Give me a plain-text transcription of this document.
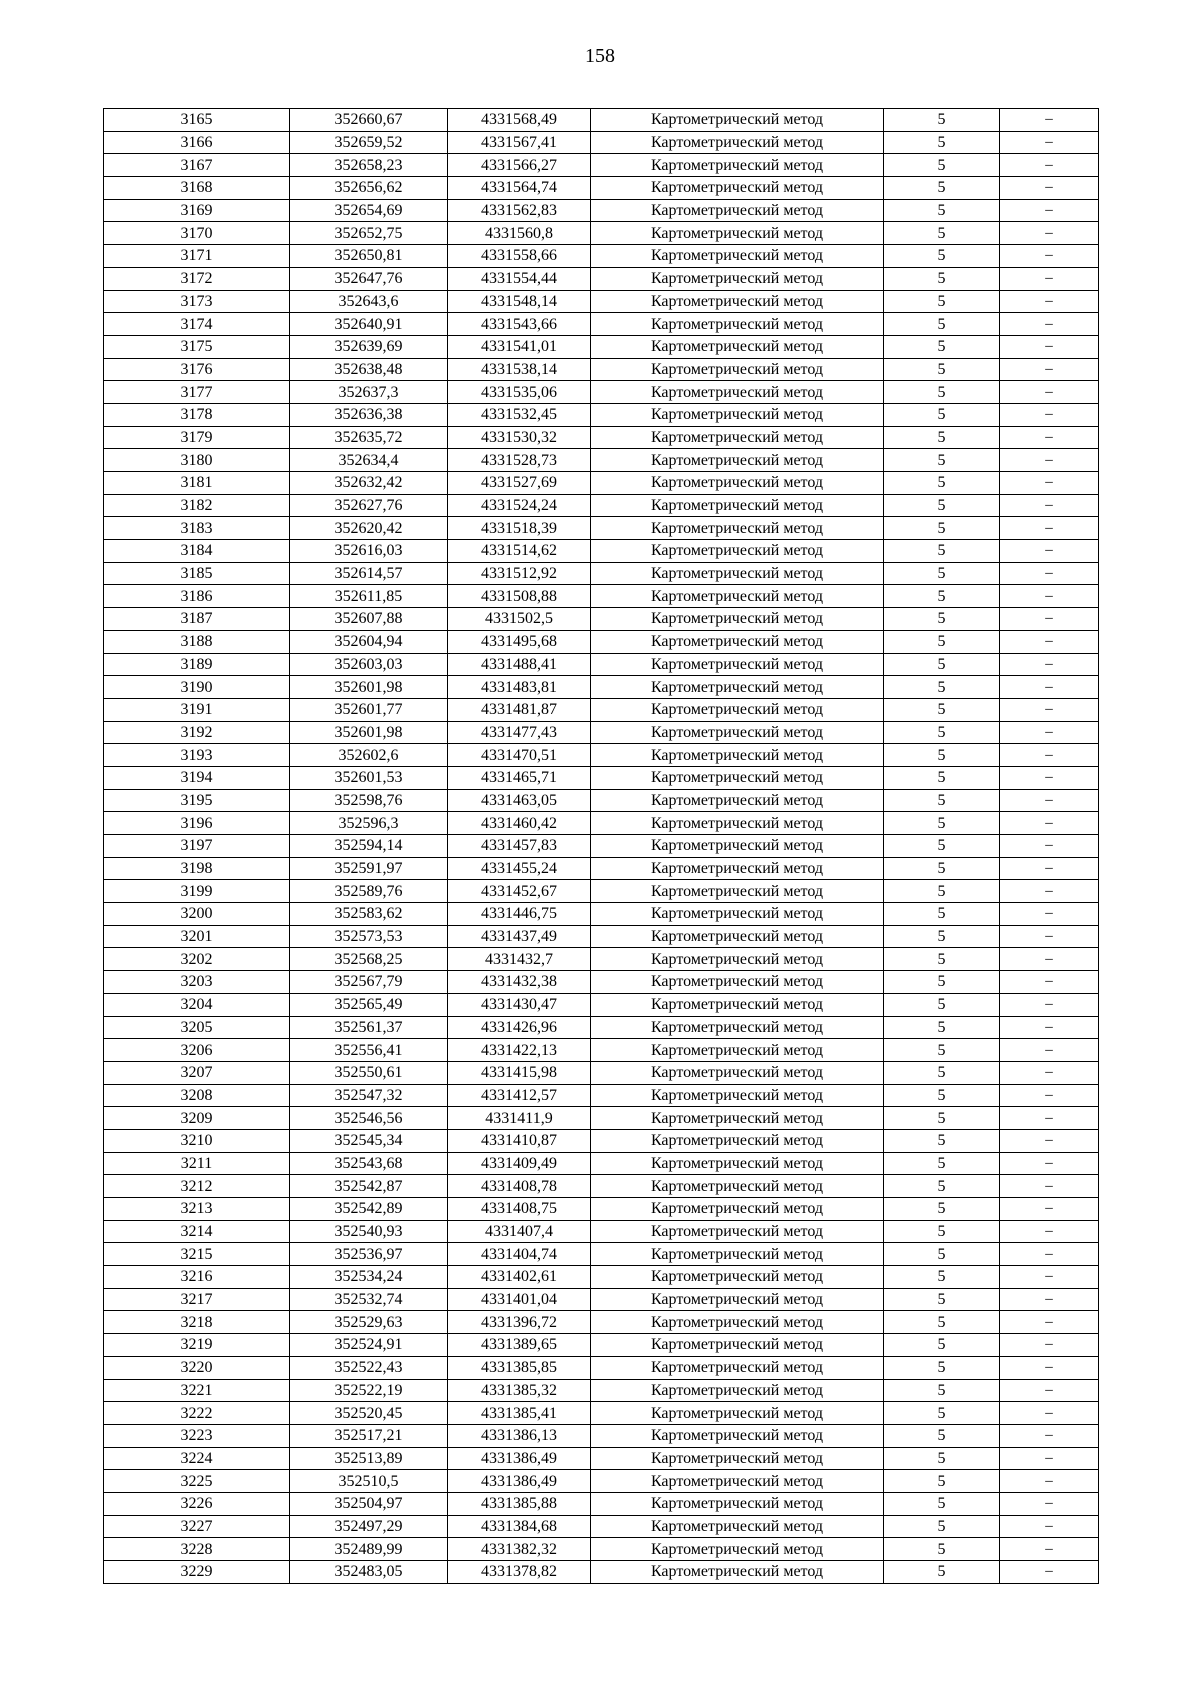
158
3165	352660,67	4331568,49	Картометрический метод	5	–
3166	352659,52	4331567,41	Картометрический метод	5	–
3167	352658,23	4331566,27	Картометрический метод	5	–
3168	352656,62	4331564,74	Картометрический метод	5	–
3169	352654,69	4331562,83	Картометрический метод	5	–
3170	352652,75	4331560,8	Картометрический метод	5	–
3171	352650,81	4331558,66	Картометрический метод	5	–
3172	352647,76	4331554,44	Картометрический метод	5	–
3173	352643,6	4331548,14	Картометрический метод	5	–
3174	352640,91	4331543,66	Картометрический метод	5	–
3175	352639,69	4331541,01	Картометрический метод	5	–
3176	352638,48	4331538,14	Картометрический метод	5	–
3177	352637,3	4331535,06	Картометрический метод	5	–
3178	352636,38	4331532,45	Картометрический метод	5	–
3179	352635,72	4331530,32	Картометрический метод	5	–
3180	352634,4	4331528,73	Картометрический метод	5	–
3181	352632,42	4331527,69	Картометрический метод	5	–
3182	352627,76	4331524,24	Картометрический метод	5	–
3183	352620,42	4331518,39	Картометрический метод	5	–
3184	352616,03	4331514,62	Картометрический метод	5	–
3185	352614,57	4331512,92	Картометрический метод	5	–
3186	352611,85	4331508,88	Картометрический метод	5	–
3187	352607,88	4331502,5	Картометрический метод	5	–
3188	352604,94	4331495,68	Картометрический метод	5	–
3189	352603,03	4331488,41	Картометрический метод	5	–
3190	352601,98	4331483,81	Картометрический метод	5	–
3191	352601,77	4331481,87	Картометрический метод	5	–
3192	352601,98	4331477,43	Картометрический метод	5	–
3193	352602,6	4331470,51	Картометрический метод	5	–
3194	352601,53	4331465,71	Картометрический метод	5	–
3195	352598,76	4331463,05	Картометрический метод	5	–
3196	352596,3	4331460,42	Картометрический метод	5	–
3197	352594,14	4331457,83	Картометрический метод	5	–
3198	352591,97	4331455,24	Картометрический метод	5	–
3199	352589,76	4331452,67	Картометрический метод	5	–
3200	352583,62	4331446,75	Картометрический метод	5	–
3201	352573,53	4331437,49	Картометрический метод	5	–
3202	352568,25	4331432,7	Картометрический метод	5	–
3203	352567,79	4331432,38	Картометрический метод	5	–
3204	352565,49	4331430,47	Картометрический метод	5	–
3205	352561,37	4331426,96	Картометрический метод	5	–
3206	352556,41	4331422,13	Картометрический метод	5	–
3207	352550,61	4331415,98	Картометрический метод	5	–
3208	352547,32	4331412,57	Картометрический метод	5	–
3209	352546,56	4331411,9	Картометрический метод	5	–
3210	352545,34	4331410,87	Картометрический метод	5	–
3211	352543,68	4331409,49	Картометрический метод	5	–
3212	352542,87	4331408,78	Картометрический метод	5	–
3213	352542,89	4331408,75	Картометрический метод	5	–
3214	352540,93	4331407,4	Картометрический метод	5	–
3215	352536,97	4331404,74	Картометрический метод	5	–
3216	352534,24	4331402,61	Картометрический метод	5	–
3217	352532,74	4331401,04	Картометрический метод	5	–
3218	352529,63	4331396,72	Картометрический метод	5	–
3219	352524,91	4331389,65	Картометрический метод	5	–
3220	352522,43	4331385,85	Картометрический метод	5	–
3221	352522,19	4331385,32	Картометрический метод	5	–
3222	352520,45	4331385,41	Картометрический метод	5	–
3223	352517,21	4331386,13	Картометрический метод	5	–
3224	352513,89	4331386,49	Картометрический метод	5	–
3225	352510,5	4331386,49	Картометрический метод	5	–
3226	352504,97	4331385,88	Картометрический метод	5	–
3227	352497,29	4331384,68	Картометрический метод	5	–
3228	352489,99	4331382,32	Картометрический метод	5	–
3229	352483,05	4331378,82	Картометрический метод	5	–
